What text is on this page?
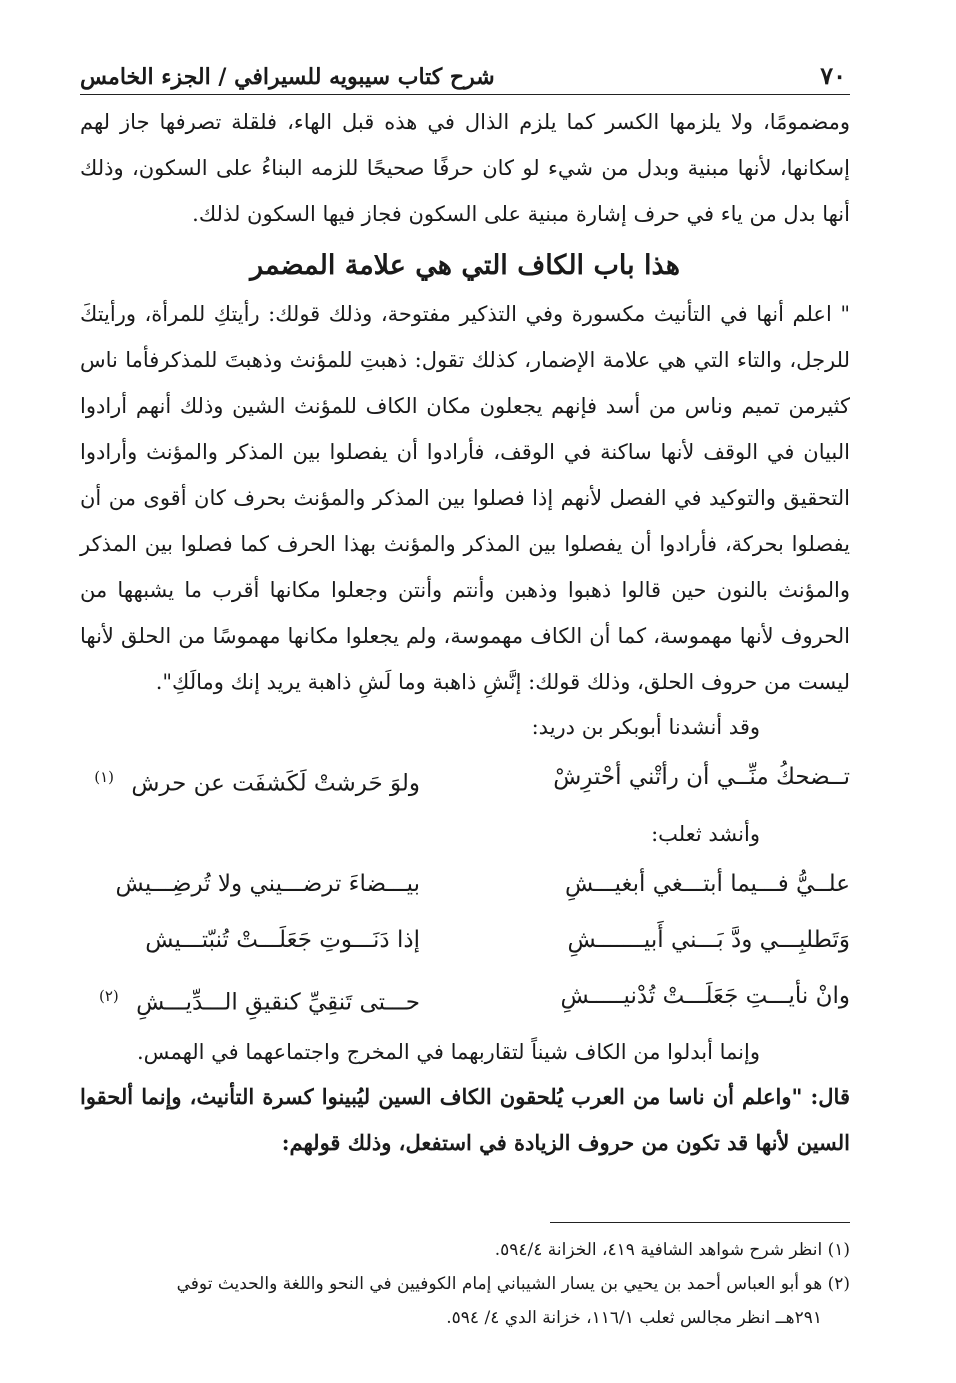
٧٠
شرح كتاب سيبويه للسيرافي / الجزء الخامس

ومضمومًا، ولا يلزمها الكسر كما يلزم الذال في هذه قبل الهاء، فلقلة تصرفها جاز لهم إسكانها، لأنها مبنية وبدل من شيء لو كان حرفًا صحيحًا للزمه البناءُ على السكون، وذلك أنها بدل من ياء في حرف إشارة مبنية على السكون فجاز فيها السكون لذلك.

هذا باب الكاف التي هي علامة المضمر

" اعلم أنها في التأنيث مكسورة وفي التذكير مفتوحة، وذلك قولك: رأيتكِ للمرأة، ورأيتكَ للرجل، والتاء التي هي علامة الإضمار، كذلك تقول: ذهبتِ للمؤنث وذهبتَ للمذكرفأما ناس كثيرمن تميم وناس من أسد فإنهم يجعلون مكان الكاف للمؤنث الشين وذلك أنهم أرادوا البيان في الوقف لأنها ساكنة في الوقف، فأرادوا أن يفصلوا بين المذكر والمؤنث وأرادوا التحقيق والتوكيد في الفصل لأنهم إذا فصلوا بين المذكر والمؤنث بحرف كان أقوى من أن يفصلوا بحركة، فأرادوا أن يفصلوا بين المذكر والمؤنث بهذا الحرف كما فصلوا بين المذكر والمؤنث بالنون حين قالوا ذهبوا وذهبن وأنتم وأنتن وجعلوا مكانها أقرب ما يشبهها من الحروف لأنها مهموسة، كما أن الكاف مهموسة، ولم يجعلوا مكانها مهموسًا من الحلق لأنها ليست من حروف الحلق، وذلك قولك: إنَّشِ ذاهبة وما لَشِ ذاهبة يريد إنك ومالَكِ".

وقد أنشدنا أبوبكر بن دريد:

تــضحكُ منِّــي أن رأتْني أحْترِشْ
ولوَ حَرشتْ لَكَشفَت عن حرش $^{(١)}$

وأنشد ثعلب:

علــيُّ فـــيما أبتـــغي أبغيـــشِ
بيـــضاءَ ترضـــيني ولا تُرضِـــيش
وَتَطلبِـــي ودَّ بَـــني أَبيـــــــشِ
إذا دَنَـــوتِ جَعَلَـــتْ تُنبّتـــيش
وانْ نأيـــتِ جَعَلَـــتْ تُدْنيـــــشِ
حـــتى تَنقِيِّ كنقيقِ الـــدِّيـــشِ $^{(٢)}$

وإنما أبدلوا من الكاف شيناً لتقاربهما في المخرج واجتماعهما في الهمس.

قال: "واعلم أن ناسا من العرب يُلحقون الكاف السين ليُبينوا كسرة التأنيث، وإنما ألحقوا السين لأنها قد تكون من حروف الزيادة في استفعل، وذلك قولهم:

(١) انظر شرح شواهد الشافية ٤١٩، الخزانة ٥٩٤/٤.

(٢) هو أبو العباس أحمد بن يحيي بن يسار الشيباني إمام الكوفيين في النحو واللغة والحديث توفي
٢٩١هــ انظر مجالس ثعلب ١١٦/١، خزانة الدي ٤/ ٥٩٤.
